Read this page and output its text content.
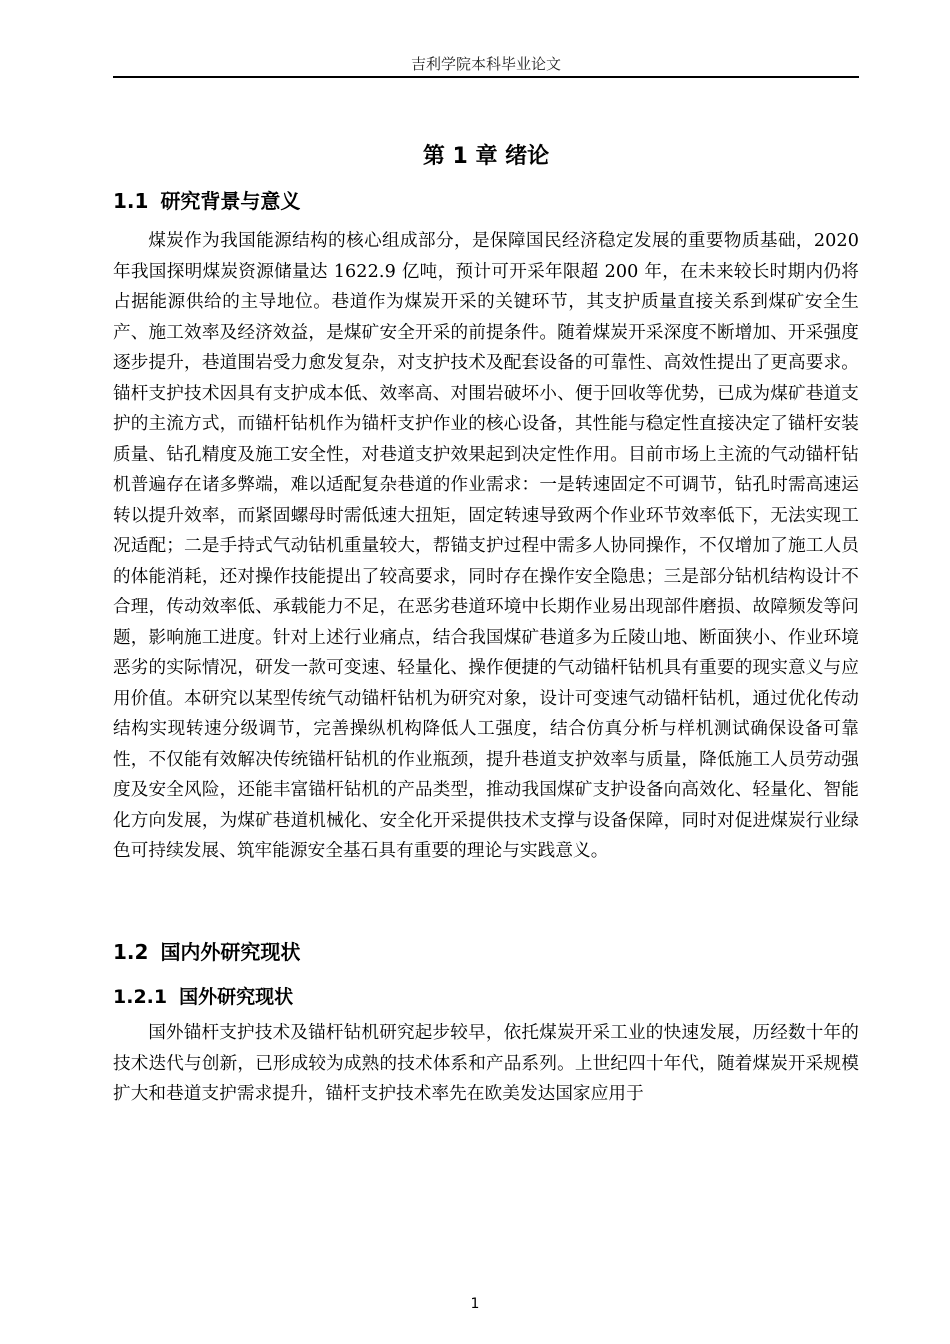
吉利学院本科毕业论文
第 1 章 绪论
1.1 研究背景与意义
煤炭作为我国能源结构的核心组成部分，是保障国民经济稳定发展的重要物质基础，2020 年我国探明煤炭资源储量达 1622.9 亿吨，预计可开采年限超 200 年，在未来较长时期内仍将占据能源供给的主导地位。巷道作为煤炭开采的关键环节，其支护质量直接关系到煤矿安全生产、施工效率及经济效益，是煤矿安全开采的前提条件。随着煤炭开采深度不断增加、开采强度逐步提升，巷道围岩受力愈发复杂，对支护技术及配套设备的可靠性、高效性提出了更高要求。锚杆支护技术因具有支护成本低、效率高、对围岩破坏小、便于回收等优势，已成为煤矿巷道支护的主流方式，而锚杆钻机作为锚杆支护作业的核心设备，其性能与稳定性直接决定了锚杆安装质量、钻孔精度及施工安全性，对巷道支护效果起到决定性作用。目前市场上主流的气动锚杆钻机普遍存在诸多弊端，难以适配复杂巷道的作业需求：一是转速固定不可调节，钻孔时需高速运转以提升效率，而紧固螺母时需低速大扭矩，固定转速导致两个作业环节效率低下，无法实现工况适配；二是手持式气动钻机重量较大，帮锚支护过程中需多人协同操作，不仅增加了施工人员的体能消耗，还对操作技能提出了较高要求，同时存在操作安全隐患；三是部分钻机结构设计不合理，传动效率低、承载能力不足，在恶劣巷道环境中长期作业易出现部件磨损、故障频发等问题，影响施工进度。针对上述行业痛点，结合我国煤矿巷道多为丘陵山地、断面狭小、作业环境恶劣的实际情况，研发一款可变速、轻量化、操作便捷的气动锚杆钻机具有重要的现实意义与应用价值。本研究以某型传统气动锚杆钻机为研究对象，设计可变速气动锚杆钻机，通过优化传动结构实现转速分级调节，完善操纵机构降低人工强度，结合仿真分析与样机测试确保设备可靠性，不仅能有效解决传统锚杆钻机的作业瓶颈，提升巷道支护效率与质量，降低施工人员劳动强度及安全风险，还能丰富锚杆钻机的产品类型，推动我国煤矿支护设备向高效化、轻量化、智能化方向发展，为煤矿巷道机械化、安全化开采提供技术支撑与设备保障，同时对促进煤炭行业绿色可持续发展、筑牢能源安全基石具有重要的理论与实践意义。
1.2 国内外研究现状
1.2.1 国外研究现状
国外锚杆支护技术及锚杆钻机研究起步较早，依托煤炭开采工业的快速发展，历经数十年的技术迭代与创新，已形成较为成熟的技术体系和产品系列。上世纪四十年代，随着煤炭开采规模扩大和巷道支护需求提升，锚杆支护技术率先在欧美发达国家应用于
1
